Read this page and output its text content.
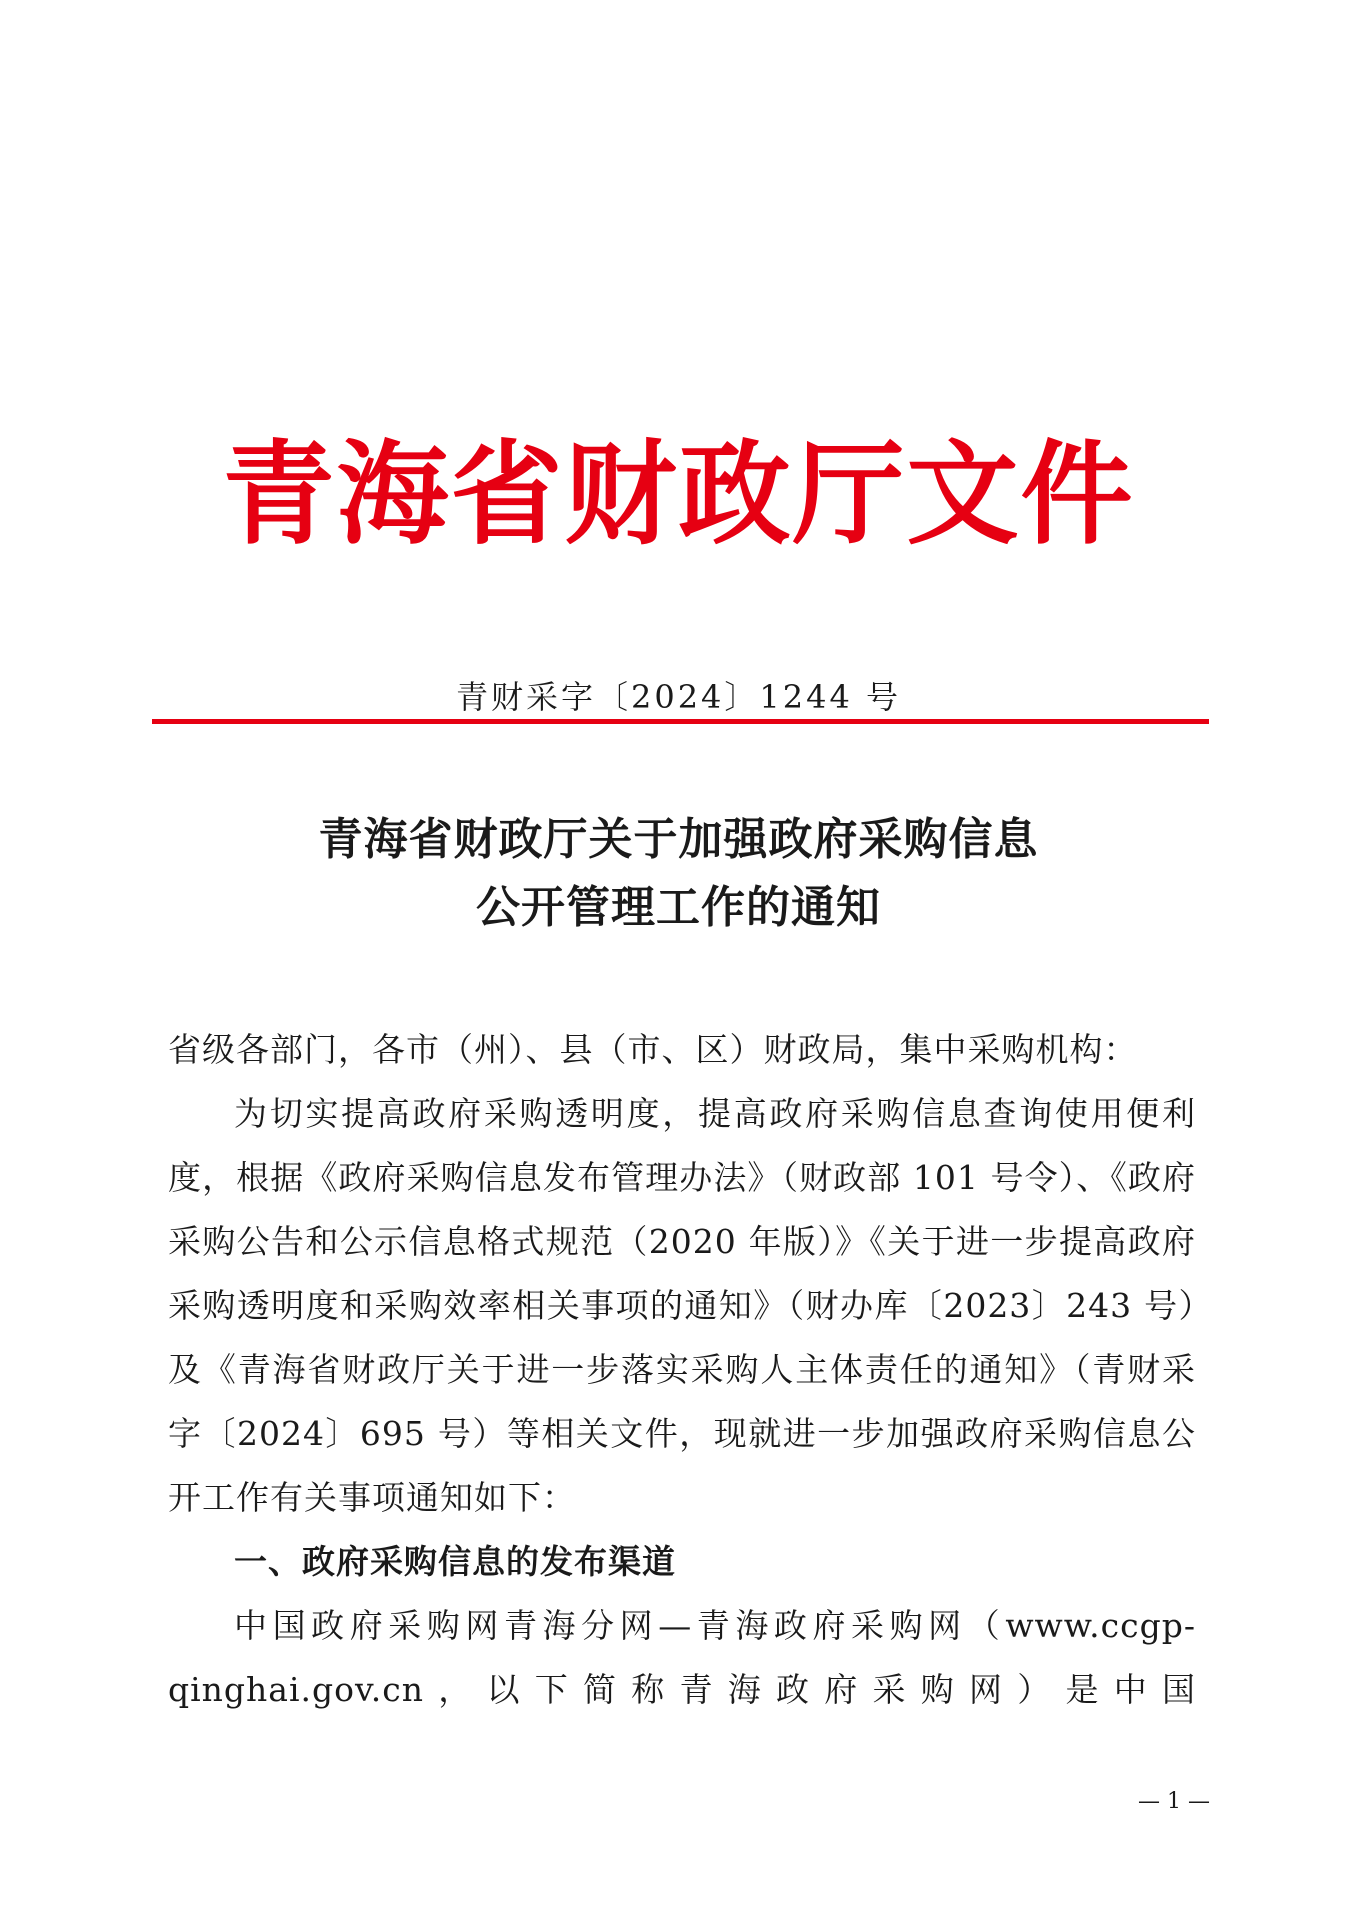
青海省财政厅文件
青财采字〔2024〕1244 号
青海省财政厅关于加强政府采购信息
公开管理工作的通知

省级各部门，各市（州）、县（市、区）财政局，集中采购机构：

为切实提高政府采购透明度，提高政府采购信息查询使用便利度，根据《政府采购信息发布管理办法》（财政部 101 号令）、《政府采购公告和公示信息格式规范（2020 年版）》《关于进一步提高政府采购透明度和采购效率相关事项的通知》（财办库〔2023〕243 号）及《青海省财政厅关于进一步落实采购人主体责任的通知》（青财采字〔2024〕695 号）等相关文件，现就进一步加强政府采购信息公开工作有关事项通知如下：

一、政府采购信息的发布渠道

中国政府采购网青海分网—青海政府采购网（www.ccgp-qinghai.gov.cn，以下简称青海政府采购网）是中国

— 1 —
